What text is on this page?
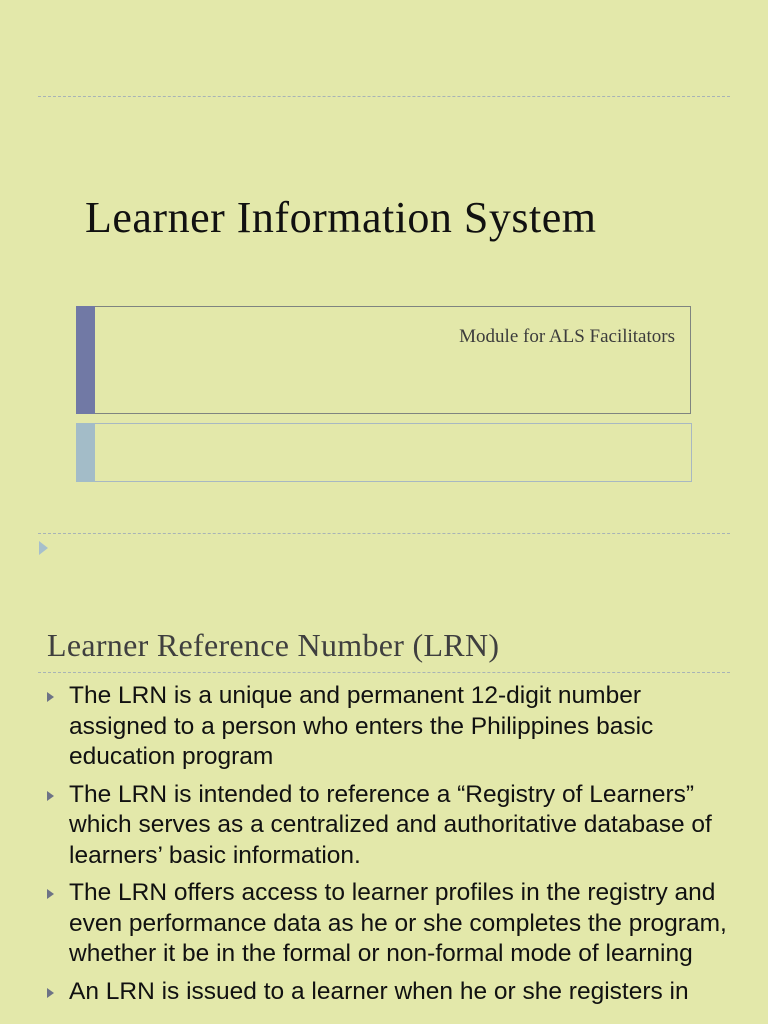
Learner Information System
Module for ALS Facilitators
Learner Reference Number (LRN)
The LRN is a unique and permanent 12-digit number assigned to a person who enters the Philippines basic education program
The LRN is intended to reference a “Registry of Learners” which serves as a centralized and authoritative database of learners’ basic information.
The LRN offers access to learner profiles in the registry and even performance data as he or she completes the program, whether it be in the formal or non-formal mode of learning
An LRN is issued to a learner when he or she registers in
